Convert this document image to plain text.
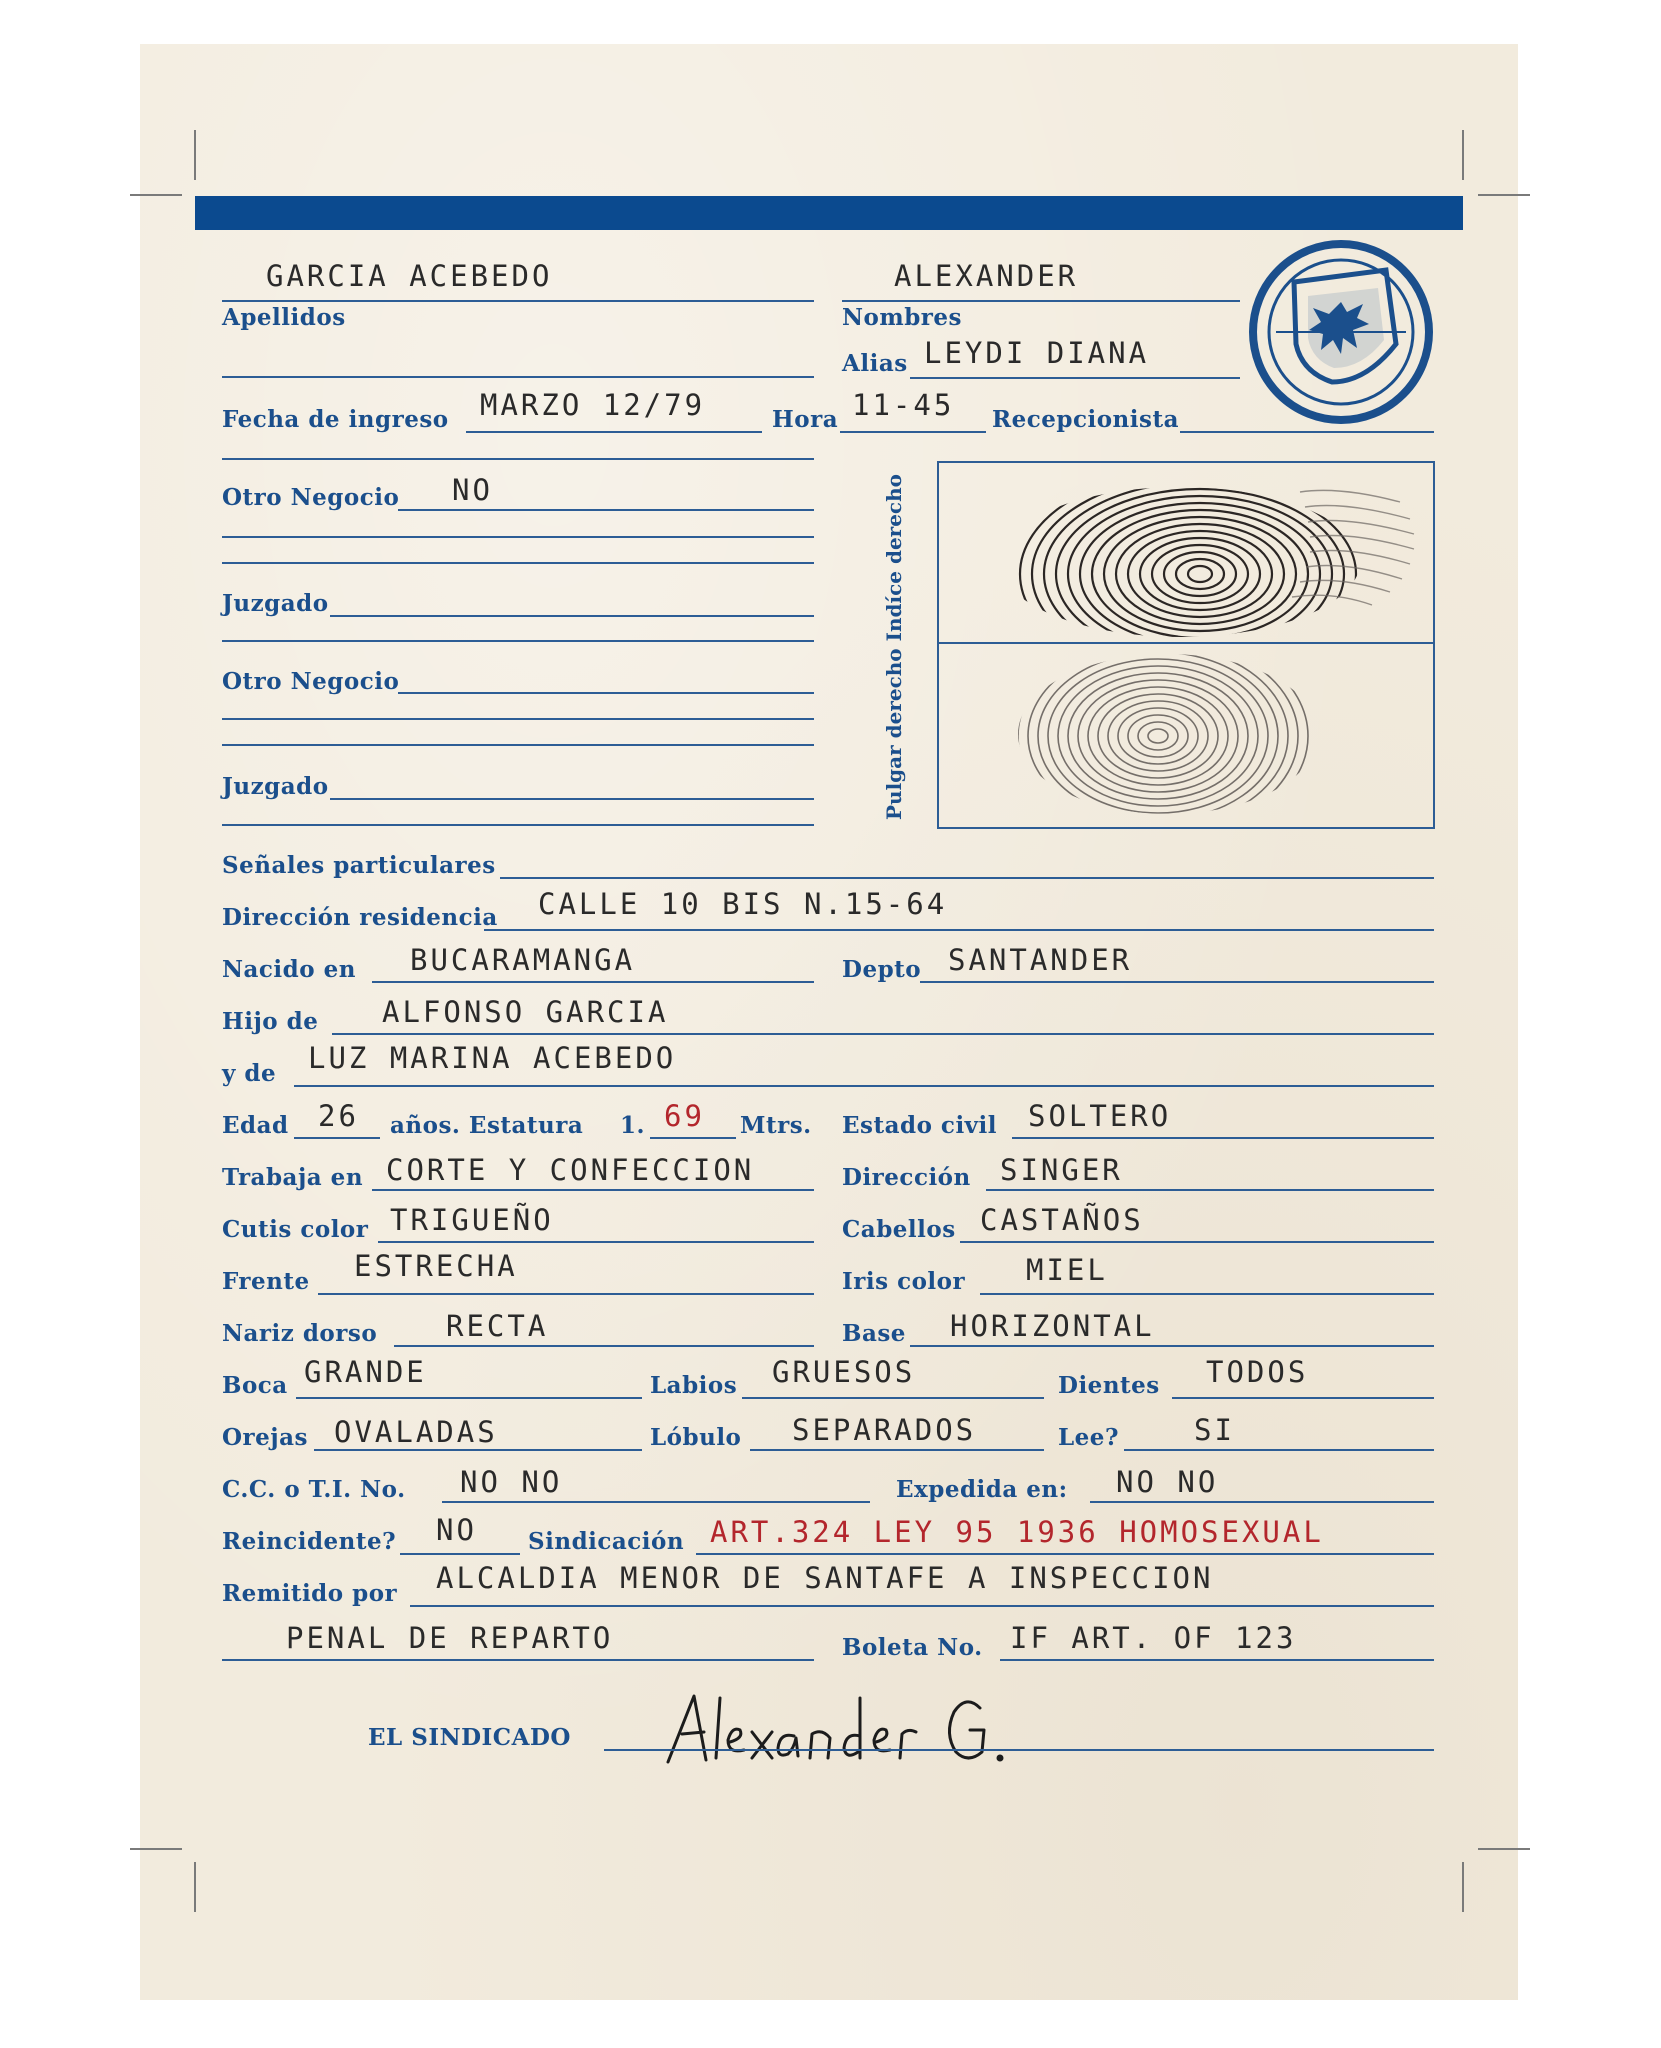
GARCIA ACEBEDO	ALEXANDER
Apellidos	Nombres
Alias LEYDI DIANA
Fecha de ingreso MARZO 12/79	Hora 11-45 Recepcionista
Otro Negocio NO
Juzgado
Otro Negocio
Juzgado	Pulgar derecho Indíce derecho
Señales particulares
Dirección residencia CALLE 10 BIS N.15-64
Nacido en BUCARAMANGA	Depto SANTANDER
Hijo de ALFONSO GARCIA
y de LUZ MARINA ACEBEDO
Edad 26 años. Estatura 1. 69 Mtrs. Estado civil SOLTERO
Trabaja en CORTE Y CONFECCION	Dirección SINGER
Cutis color TRIGUEÑO	Cabellos CASTAÑOS
Frente ESTRECHA	Iris color MIEL
Nariz dorso RECTA	Base HORIZONTAL
Boca GRANDE	Labios GRUESOS	Dientes TODOS
Orejas OVALADAS	Lóbulo SEPARADOS	Lee?	SI
C.C. o T.I. No. NO NO	Expedida en: NO NO
Reincidente? NO Sindicación ART.324 LEY 95 1936 HOMOSEXUAL
Remitido por ALCALDIA MENOR DE SANTAFE A INSPECCION
PENAL DE REPARTO	Boleta No. IF ART. OF 123
EL SINDICADO
